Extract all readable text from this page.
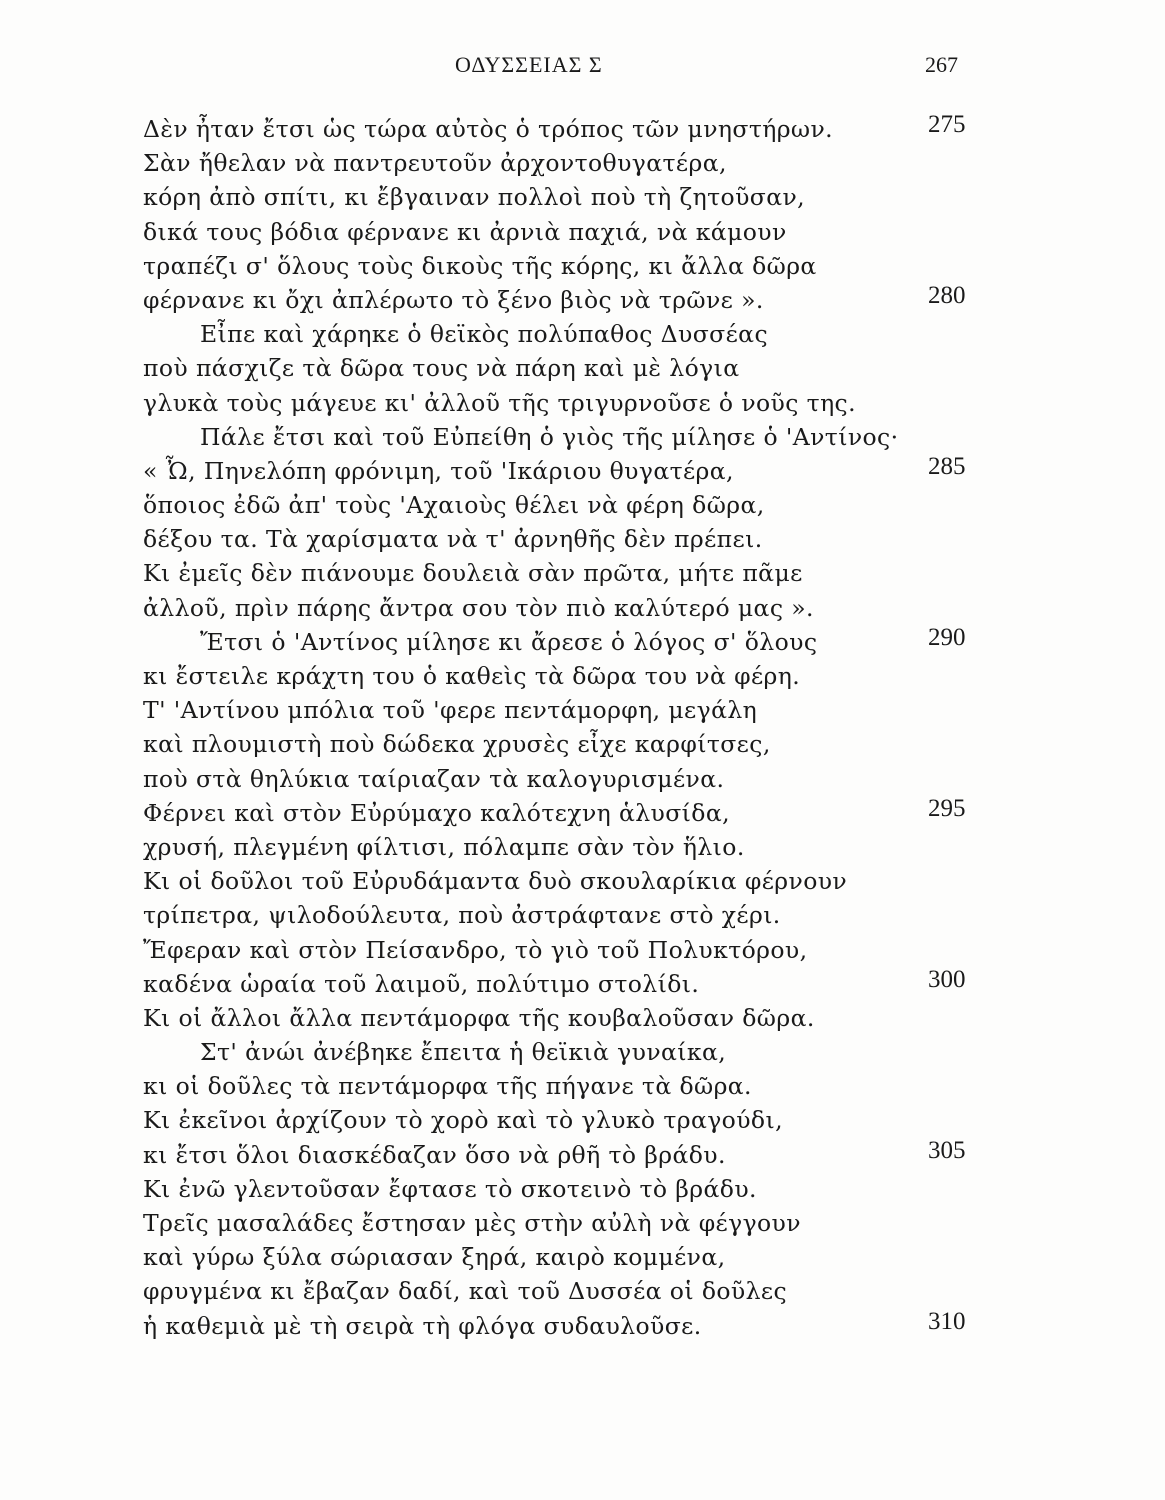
ΟΔΥΣΣΕΙΑΣ Σ	267
Δὲν ἦταν ἔτσι ὡς τώρα αὐτὸς ὁ τρόπος τῶν μνηστήρων.	275
Σὰν ἤθελαν νὰ παντρευτοῦν ἀρχοντοθυγατέρα,
κόρη ἀπὸ σπίτι, κι ἔβγαιναν πολλοὶ ποὺ τὴ ζητοῦσαν,
δικά τους βόδια φέρνανε κι ἀρνιὰ παχιά, νὰ κάμουν
τραπέζι σ' ὅλους τοὺς δικοὺς τῆς κόρης, κι ἄλλα δῶρα
φέρνανε κι ὄχι ἀπλέρωτο τὸ ξένο βιὸς νὰ τρῶνε ».	280
Εἶπε καὶ χάρηκε ὁ θεϊκὸς πολύπαθος Δυσσέας
ποὺ πάσχιζε τὰ δῶρα τους νὰ πάρη καὶ μὲ λόγια
γλυκὰ τοὺς μάγευε κι' ἀλλοῦ τῆς τριγυρνοῦσε ὁ νοῦς της.
Πάλε ἔτσι καὶ τοῦ Εὐπείθη ὁ γιὸς τῆς μίλησε ὁ 'Αντίνος·
« Ὦ, Πηνελόπη φρόνιμη, τοῦ 'Ικάριου θυγατέρα,	285
ὅποιος ἐδῶ ἀπ' τοὺς 'Αχαιοὺς θέλει νὰ φέρη δῶρα,
δέξου τα. Τὰ χαρίσματα νὰ τ' ἀρνηθῆς δὲν πρέπει.
Κι ἐμεῖς δὲν πιάνουμε δουλειὰ σὰν πρῶτα, μήτε πᾶμε
ἀλλοῦ, πρὶν πάρης ἄντρα σου τὸν πιὸ καλύτερό μας ».
Ἔτσι ὁ 'Αντίνος μίλησε κι ἄρεσε ὁ λόγος σ' ὅλους	290
κι ἔστειλε κράχτη του ὁ καθεὶς τὰ δῶρα του νὰ φέρη.
Τ' 'Αντίνου μπόλια τοῦ 'φερε πεντάμορφη, μεγάλη
καὶ πλουμιστὴ ποὺ δώδεκα χρυσὲς εἶχε καρφίτσες,
ποὺ στὰ θηλύκια ταίριαζαν τὰ καλογυρισμένα.
Φέρνει καὶ στὸν Εὐρύμαχο καλότεχνη ἁλυσίδα,	295
χρυσή, πλεγμένη φίλτισι, πόλαμπε σὰν τὸν ἥλιο.
Κι οἱ δοῦλοι τοῦ Εὐρυδάμαντα δυὸ σκουλαρίκια φέρνουν
τρίπετρα, ψιλοδούλευτα, ποὺ ἀστράφτανε στὸ χέρι.
Ἔφεραν καὶ στὸν Πείσανδρο, τὸ γιὸ τοῦ Πολυκτόρου,
καδένα ὡραία τοῦ λαιμοῦ, πολύτιμο στολίδι.	300
Κι οἱ ἄλλοι ἄλλα πεντάμορφα τῆς κουβαλοῦσαν δῶρα.
Στ' ἀνώι ἀνέβηκε ἔπειτα ἡ θεϊκιὰ γυναίκα,
κι οἱ δοῦλες τὰ πεντάμορφα τῆς πήγανε τὰ δῶρα.
Κι ἐκεῖνοι ἀρχίζουν τὸ χορὸ καὶ τὸ γλυκὸ τραγούδι,
κι ἔτσι ὅλοι διασκέδαζαν ὅσο νὰ ρθῆ τὸ βράδυ.	305
Κι ἐνῶ γλεντοῦσαν ἔφτασε τὸ σκοτεινὸ τὸ βράδυ.
Τρεῖς μασαλάδες ἔστησαν μὲς στὴν αὐλὴ νὰ φέγγουν
καὶ γύρω ξύλα σώριασαν ξηρά, καιρὸ κομμένα,
φρυγμένα κι ἔβαζαν δαδί, καὶ τοῦ Δυσσέα οἱ δοῦλες
ἡ καθεμιὰ μὲ τὴ σειρὰ τὴ φλόγα συδαυλοῦσε.	310
